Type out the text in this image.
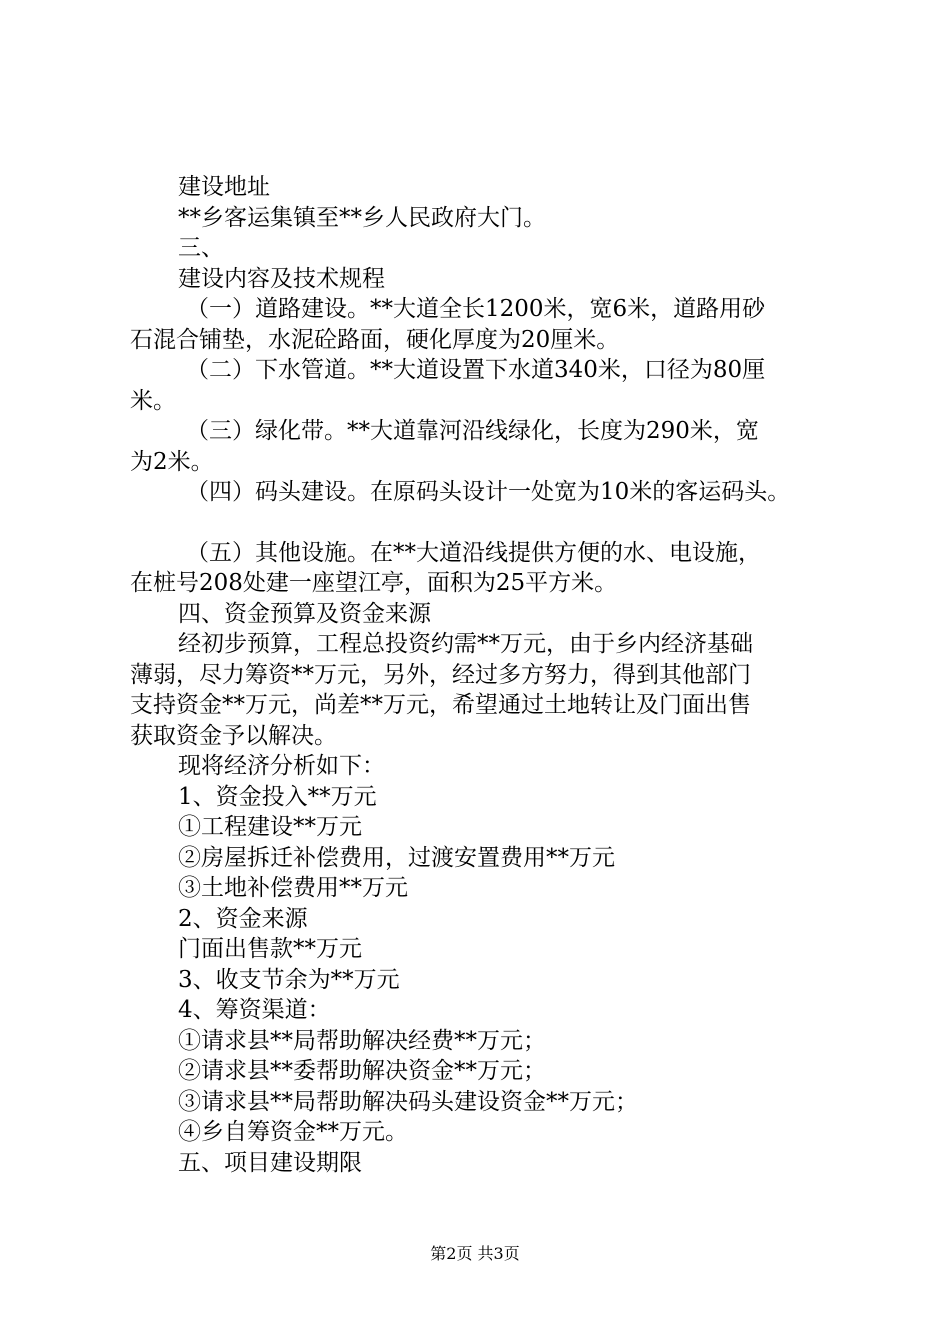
建设地址

**乡客运集镇至**乡人民政府大门。

三、

建设内容及技术规程

（一）道路建设。**大道全长1200米，宽6米，道路用砂

石混合铺垫，水泥砼路面，硬化厚度为20厘米。

（二）下水管道。**大道设置下水道340米，口径为80厘

米。

（三）绿化带。**大道靠河沿线绿化，长度为290米，宽

为2米。

（四）码头建设。在原码头设计一处宽为10米的客运码头。

（五）其他设施。在**大道沿线提供方便的水、电设施，

在桩号208处建一座望江亭，面积为25平方米。

四、资金预算及资金来源

经初步预算，工程总投资约需**万元，由于乡内经济基础

薄弱，尽力筹资**万元，另外，经过多方努力，得到其他部门

支持资金**万元，尚差**万元，希望通过土地转让及门面出售

获取资金予以解决。

现将经济分析如下：

1、资金投入**万元

①工程建设**万元

②房屋拆迁补偿费用，过渡安置费用**万元

③土地补偿费用**万元

2、资金来源

门面出售款**万元

3、收支节余为**万元

4、筹资渠道：

①请求县**局帮助解决经费**万元；

②请求县**委帮助解决资金**万元；

③请求县**局帮助解决码头建设资金**万元；

④乡自筹资金**万元。

五、项目建设期限

第2页 共3页
